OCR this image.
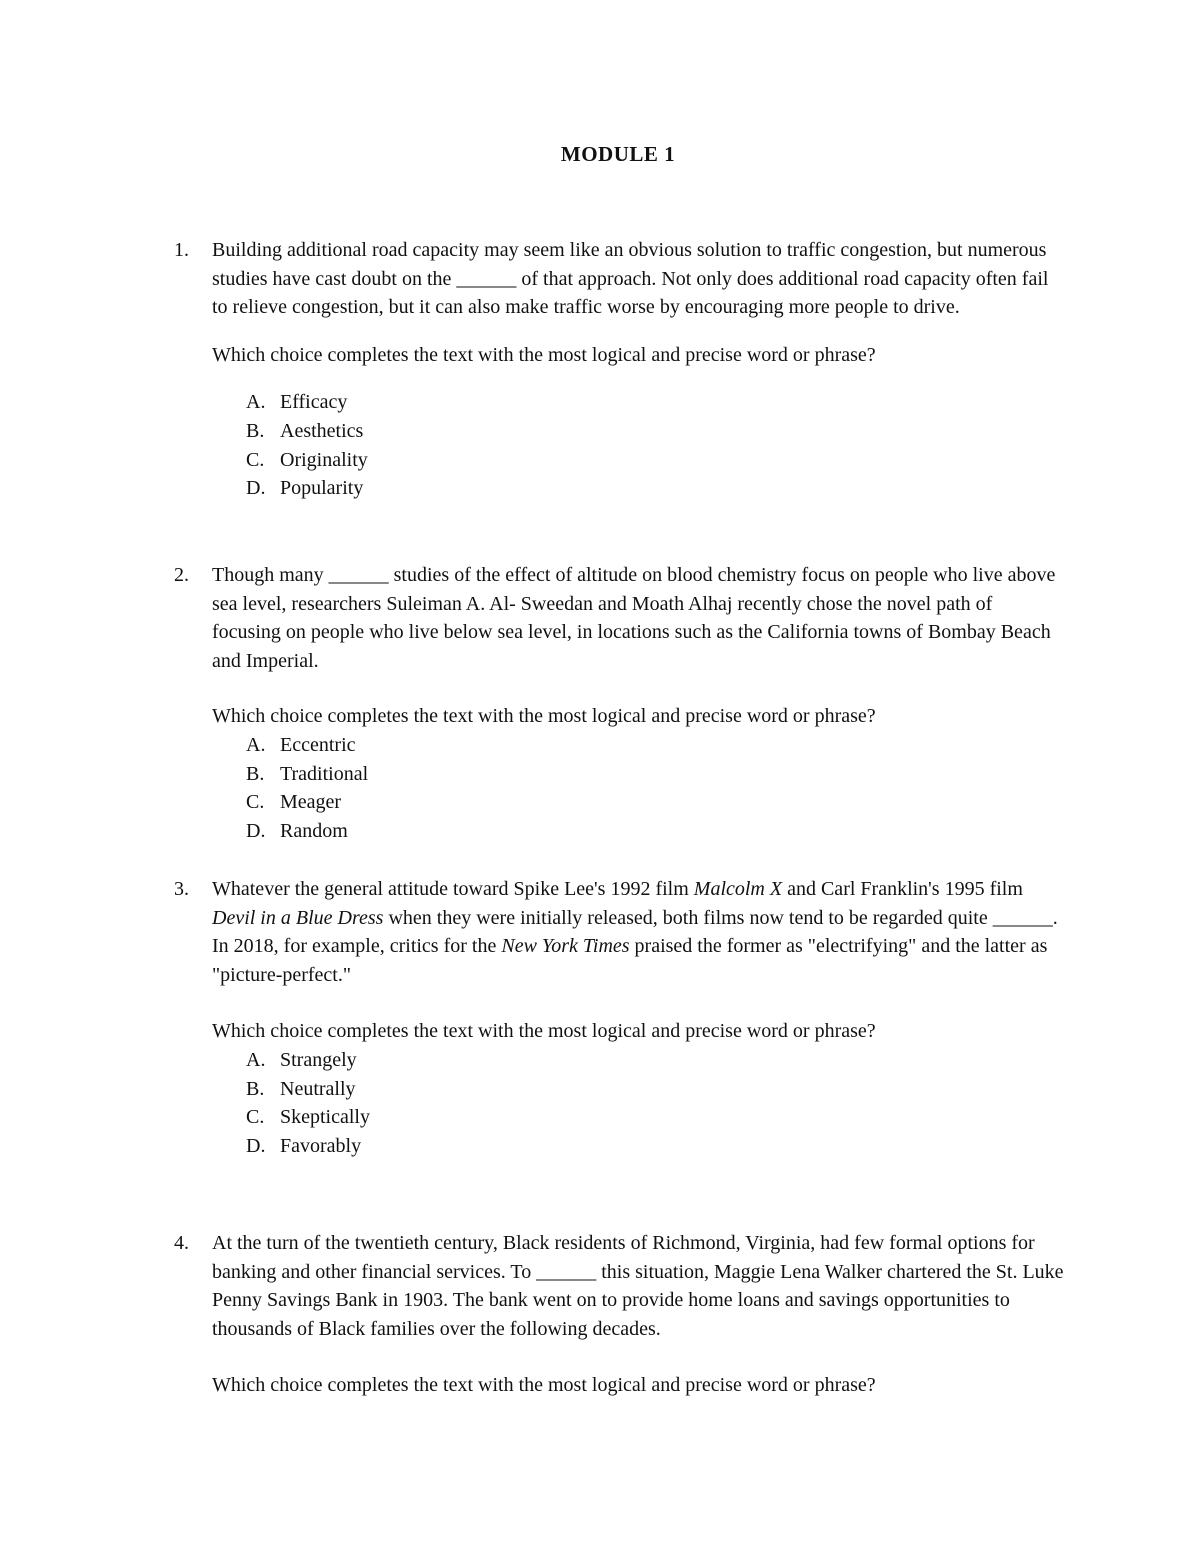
MODULE 1
1. Building additional road capacity may seem like an obvious solution to traffic congestion, but numerous studies have cast doubt on the ______ of that approach. Not only does additional road capacity often fail to relieve congestion, but it can also make traffic worse by encouraging more people to drive.

Which choice completes the text with the most logical and precise word or phrase?

A. Efficacy
B. Aesthetics
C. Originality
D. Popularity
2. Though many ______ studies of the effect of altitude on blood chemistry focus on people who live above sea level, researchers Suleiman A. Al- Sweedan and Moath Alhaj recently chose the novel path of focusing on people who live below sea level, in locations such as the California towns of Bombay Beach and Imperial.

Which choice completes the text with the most logical and precise word or phrase?

A. Eccentric
B. Traditional
C. Meager
D. Random
3. Whatever the general attitude toward Spike Lee's 1992 film Malcolm X and Carl Franklin's 1995 film Devil in a Blue Dress when they were initially released, both films now tend to be regarded quite ______. In 2018, for example, critics for the New York Times praised the former as "electrifying" and the latter as "picture-perfect."

Which choice completes the text with the most logical and precise word or phrase?

A. Strangely
B. Neutrally
C. Skeptically
D. Favorably
4. At the turn of the twentieth century, Black residents of Richmond, Virginia, had few formal options for banking and other financial services. To ______ this situation, Maggie Lena Walker chartered the St. Luke Penny Savings Bank in 1903. The bank went on to provide home loans and savings opportunities to thousands of Black families over the following decades.

Which choice completes the text with the most logical and precise word or phrase?
